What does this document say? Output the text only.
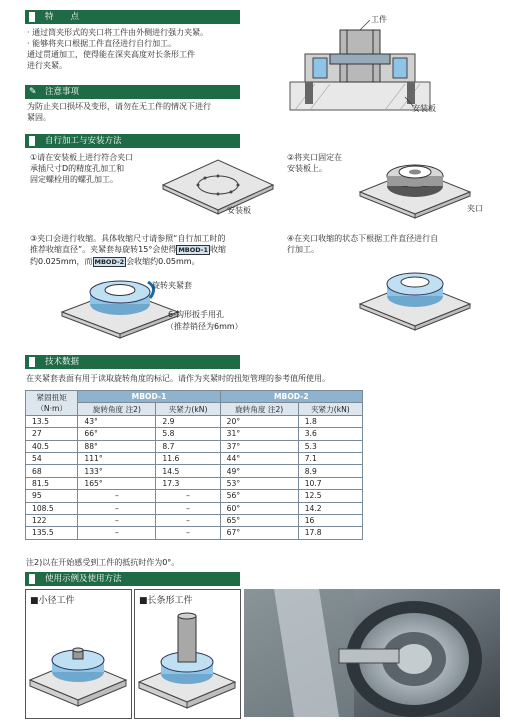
特　　点
· 通过筒夹形式的夹口将工件由外侧进行强力夹紧。
· 能够将夹口根据工件直径进行自行加工。
通过贯通加工，使得能在深夹高度对长条形工件
进行夹紧。
工件
安装板
✎ 注意事项
为防止夹口损坏及变形，请勿在无工件的情况下进行
紧固。
自行加工与安装方法
①请在安装板上进行符合夹口
承插尺寸D的精度孔加工和
固定螺栓用的螺孔加工。
安装板
②将夹口固定在
安装板上。
夹口
③夹口会进行收缩。具体收缩尺寸请参照“自行加工时的
推荐收缩直径”。夹紧套每旋转15°会使得 MBOD-1 收缩
约0.025mm，而 MBOD-2 会收缩约0.05mm。
旋转夹紧套
6-钩形扳手用孔
（推荐销径为6mm）
④在夹口收缩的状态下根据工件直径进行自
行加工。
技术数据
在夹紧套表面有用于读取旋转角度的标记。请作为夹紧时的扭矩管理的参考值所使用。
紧固扭矩
（N·m）	MBOD-1		MBOD-2	
	旋转角度 注2)	夹紧力(kN)	旋转角度 注2)	夹紧力(kN)
13.5	43°	2.9	20°	1.8
27	66°	5.8	31°	3.6
40.5	88°	8.7	37°	5.3
54	111°	11.6	44°	7.1
68	133°	14.5	49°	8.9
81.5	165°	17.3	53°	10.7
95	–	–	56°	12.5
108.5	–	–	60°	14.2
122	–	–	65°	16
135.5	–	–	67°	17.8
注2)以在开始感受到工件的抵抗时作为0°。
使用示例及使用方法
■小径工件	■长条形工件
